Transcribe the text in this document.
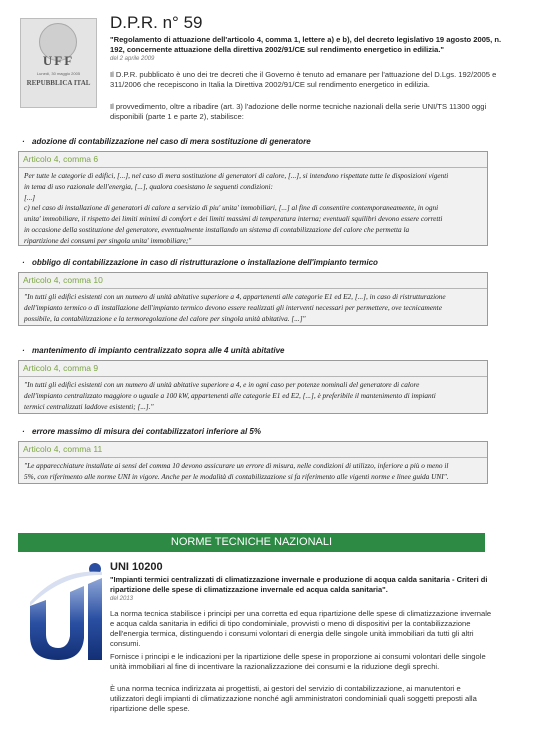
UFF
Lunedì, 30 maggio 2005
REPUBBLICA ITAL
D.P.R. n° 59
"Regolamento di attuazione dell'articolo 4, comma 1, lettere a) e b), del decreto legislativo 19 agosto 2005, n. 192, concernente attuazione della direttiva 2002/91/CE sul rendimento energetico in edilizia."
del 2 aprile 2009
Il D.P.R. pubblicato è uno dei tre decreti che il Governo è tenuto ad emanare per l'attuazione del D.Lgs. 192/2005 e 311/2006 che recepiscono in Italia la Direttiva 2002/91/CE sul rendimento energetico in edilizia.
Il provvedimento, oltre a ribadire (art. 3) l'adozione delle norme tecniche nazionali della serie UNI/TS 11300 oggi disponibili (parte 1 e parte 2), stabilisce:
· adozione di contabilizzazione nel caso di mera sostituzione di generatore
Articolo 4, comma 6
Per tutte le categorie di edifici, [...], nel caso di mera sostituzione di generatori di calore, [...], si intendono rispettate tutte le disposizioni vigenti
in tema di uso razionale dell'energia, [...], qualora coesistano le seguenti condizioni:
[...]
c) nel caso di installazione di generatori di calore a servizio di piu' unita' immobiliari, [...] al fine di consentire contemporaneamente, in ogni
unita' immobiliare, il rispetto dei limiti minimi di comfort e dei limiti massimi di temperatura interna; eventuali squilibri devono essere corretti
in occasione della sostituzione del generatore, eventualmente installando un sistema di contabilizzazione del calore che permetta la
ripartizione dei consumi per singola unita' immobiliare;"
· obbligo di contabilizzazione in caso di ristrutturazione o installazione dell'impianto termico
Articolo 4, comma 10
"In tutti gli edifici esistenti con un numero di unità abitative superiore a 4, appartenenti alle categorie E1 ed E2, [...], in caso di ristrutturazione
dell'impianto termico o di installazione dell'impianto termico devono essere realizzati gli interventi necessari per permettere, ove tecnicamente
possibile, la contabilizzazione e la termoregolazione del calore per singola unità abitativa. [...]"
· mantenimento di impianto centralizzato sopra alle 4 unità abitative
Articolo 4, comma 9
"In tutti gli edifici esistenti con un numero di unità abitative superiore a 4, e in ogni caso per potenze nominali del generatore di calore
dell'impianto centralizzato maggiore o uguale a 100 kW, appartenenti alle categorie E1 ed E2, [...], è preferibile il mantenimento di impianti
termici centralizzati laddove esistenti; [...]."
· errore massimo di misura dei contabilizzatori inferiore al 5%
Articolo 4, comma 11
"Le apparecchiature installate ai sensi del comma 10 devono assicurare un errore di misura, nelle condizioni di utilizzo, inferiore a più o meno il
5%, con riferimento alle norme UNI in vigore. Anche per le modalità di contabilizzazione si fa riferimento alle vigenti norme e linee guida UNI".
NORME TECNICHE NAZIONALI
UNI 10200
"Impianti termici centralizzati di climatizzazione invernale e produzione di acqua calda sanitaria - Criteri di ripartizione delle spese di climatizzazione invernale ed acqua calda sanitaria".
del 2013
La norma tecnica stabilisce i principi per una corretta ed equa ripartizione delle spese di climatizzazione invernale e acqua calda sanitaria in edifici di tipo condominiale, provvisti o meno di dispositivi per la contabilizzazione dell'energia termica, distinguendo i consumi volontari di energia delle singole unità immobiliari da tutti gli altri consumi.
Fornisce i principi e le indicazioni per la ripartizione delle spese in proporzione ai consumi volontari delle singole unità immobiliari al fine di incentivare la razionalizzazione dei consumi e la riduzione degli sprechi.
È una norma tecnica indirizzata ai progettisti, ai gestori del servizio di contabilizzazione, ai manutentori e utilizzatori degli impianti di climatizzazione nonché agli amministratori condominiali quali soggetti preposti alla ripartizione delle spese.
